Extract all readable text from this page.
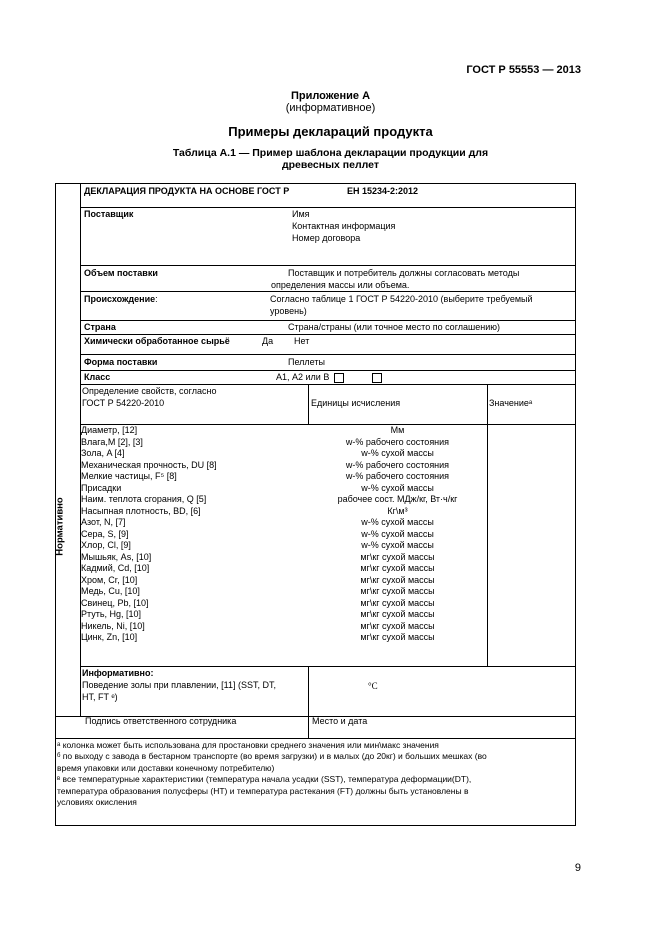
ГОСТ Р 55553 — 2013
Приложение А
(информативное)
Примеры деклараций продукта
Таблица А.1 — Пример шаблона декларации продукции для
древесных пеллет
ДЕКЛАРАЦИЯ ПРОДУКТА НА ОСНОВЕ ГОСТ Р	ЕН 15234-2:2012
Поставщик	Имя
Контактная информация
Номер договора
Объем поставки	Поставщик и потребитель должны согласовать методы
определения массы или объема.
Происхождение:	Согласно таблице 1 ГОСТ Р 54220-2010 (выберите требуемый
уровень)
Страна	Страна/страны (или точное место по соглашению)
Химически обработанное сырьё	Да Нет
Форма поставки	Пеллеты
Класс	А1, А2 или В
Определение свойств, согласно
ГОСТ Р 54220-2010	Единицы исчисления	Значение$^а$
Нормативно
Диаметр, [12]	Мм
Влага,M [2], [3]	w-% рабочего состояния
Зола, A [4]	w-% сухой массы
Механическая прочность, DU [8]	w-% рабочего состояния
Мелкие частицы, F⁵ [8]	w-% рабочего состояния
Присадки	w-% сухой массы
Наим. теплота сгорания, Q [5]	рабочее сост. МДж/кг, Вт·ч/кг
Насыпная плотность, BD, [6]	Кг\м³
Азот, N, [7]	w-% сухой массы
Сера, S, [9]	w-% сухой массы
Хлор, Cl, [9]	w-% сухой массы
Мышьяк, As, [10]	мг\кг сухой массы
Кадмий, Cd, [10]	мг\кг сухой массы
Хром, Cr, [10]	мг\кг сухой массы
Медь, Cu, [10]	мг\кг сухой массы
Свинец, Pb, [10]	мг\кг сухой массы
Ртуть, Hg, [10]	мг\кг сухой массы
Никель, Ni, [10]	мг\кг сухой массы
Цинк, Zn, [10]	мг\кг сухой массы
Информативно:
Поведение золы при плавлении, [11] (SST, DT,
HT, FT ᵉ)
°C
Подпись ответственного сотрудника	Место и дата
$^а$ колонка может быть использована для простановки среднего значения или мин\макс значения
$^б$ по выходу с завода в бестарном транспорте (во время загрузки) и в малых (до 20кг) и больших мешках (во
время упаковки или доставки конечному потребителю)
$^в$ все температурные характеристики (температура начала усадки (SST), температура деформации(DT),
температура образования полусферы (HT) и температура растекания (FT) должны быть установлены в
условиях окисления
9
